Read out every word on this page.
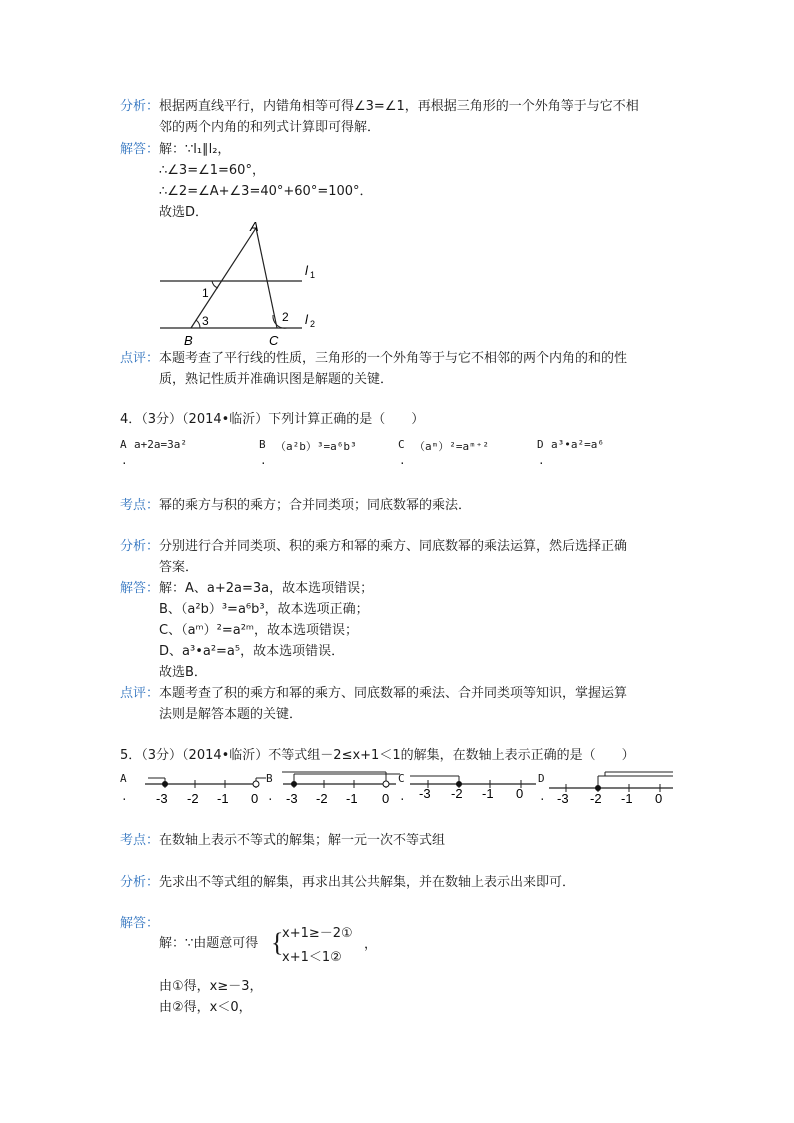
分析： 根据两直线平行，内错角相等可得∠3=∠1，再根据三角形的一个外角等于与它不相
邻的两个内角的和列式计算即可得解．
解答： 解：∵l₁∥l₂，
∴∠3=∠1=60°，
∴∠2=∠A+∠3=40°+60°=100°．
故选D．
A
B	C
l 1
l 2
1
3	2
点评： 本题考查了平行线的性质，三角形的一个外角等于与它不相邻的两个内角的和的性
质，熟记性质并准确识图是解题的关键．
4．（3分）（2014•临沂）下列计算正确的是（　　）
A a+2a=3a²
.
B （a²b）³=a⁶b³
.
C （aᵐ）²=aᵐ⁺²
.
D a³•a²=a⁶
.
考点： 幂的乘方与积的乘方；合并同类项；同底数幂的乘法．
分析： 分别进行合并同类项、积的乘方和幂的乘方、同底数幂的乘法运算，然后选择正确
答案．
解答： 解：A、a+2a=3a，故本选项错误；
B、（a²b）³=a⁶b³，故本选项正确；
C、（aᵐ）²=a²ᵐ，故本选项错误；
D、a³•a²=a⁵，故本选项错误．
故选B．
点评： 本题考查了积的乘方和幂的乘方、同底数幂的乘法、合并同类项等知识，掌握运算
法则是解答本题的关键．
5．（3分）（2014•临沂）不等式组－2≤x+1＜1的解集，在数轴上表示正确的是（　　）
A
. -3 -2 -1 0
B
. -3 -2 -1 0
C
. -3 -2 -1 0
D
. -3 -2 -1 0
考点： 在数轴上表示不等式的解集；解一元一次不等式组
分析： 先求出不等式组的解集，再求出其公共解集，并在数轴上表示出来即可．
解答：
解：∵由题意可得 {
x+1≥－2①
x+1＜1②
，
由①得，x≥－3，
由②得，x＜0，
